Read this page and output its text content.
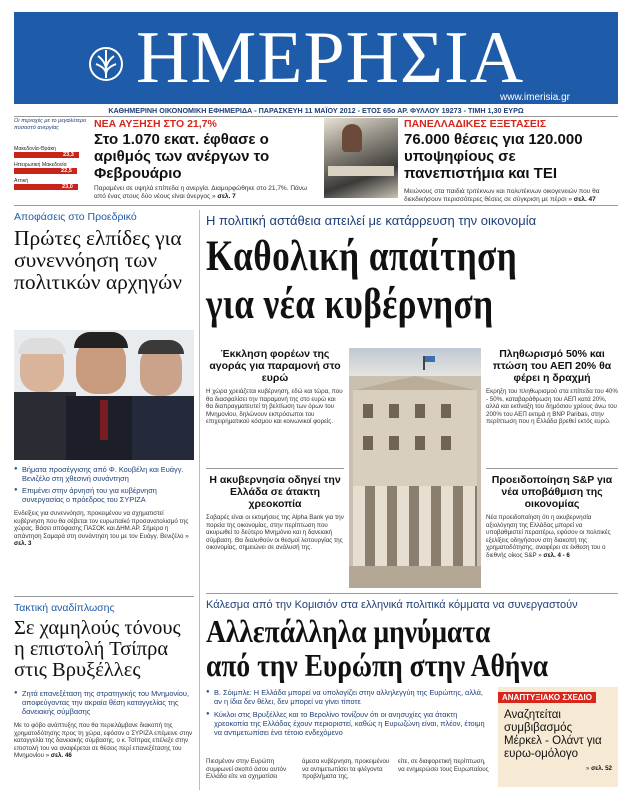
ΗΜΕΡΗΣΙΑ
www.imerisia.gr
ΚΑΘΗΜΕΡΙΝΗ ΟΙΚΟΝΟΜΙΚΗ ΕΦΗΜΕΡΙΔΑ - ΠΑΡΑΣΚΕΥΗ 11 ΜΑΪΟΥ 2012 - ΕΤΟΣ 65ο ΑΡ. ΦΥΛΛΟΥ 19273 - ΤΙΜΗ 1,30 ΕΥΡΩ
Οι περιοχές με το μεγαλύτερο ποσοστό ανεργίας
Μακεδονία-Θράκη
23,3
Ηπειρωτική Μακεδονία
22,5
Αττική
23,0
ΝΕΑ ΑΥΞΗΣΗ ΣΤΟ 21,7%
Στο 1.070 εκατ. έφθασε ο αριθμός των ανέργων το Φεβρουάριο
Παραμένει σε υψηλά επίπεδα η ανεργία. Διαμορφώθηκε στο 21,7%. Πάνω από ένας στους δύο νέους είναι άνεργος » σελ. 7
ΠΑΝΕΛΛΑΔΙΚΕΣ ΕΞΕΤΑΣΕΙΣ
76.000 θέσεις για 120.000 υποψηφίους σε πανεπιστήμια και ΤΕΙ
Μειώνους στα παιδιά τριτέκνων και πολυτέκνων οικογενειών που θα διεκδικήσουν περισσότερες θέσεις σε σύγκριση με πέρσι » σελ. 47
Αποφάσεις στο Προεδρικό
Πρώτες ελπίδες για συνεννόηση των πολιτικών αρχηγών
● Βήματα προσέγγισης από Φ. Κουβέλη και Ευάγγ. Βενιζέλο στη χθεσινή συνάντηση
● Επιμένει στην άρνησή του για κυβέρνηση συνεργασίας ο πρόεδρος του ΣΥΡΙΖΑ
Ενδείξεις για συνεννόηση, προκειμένου να σχηματιστεί κυβέρνηση που θα σέβεται τον ευρωπαϊκό προσανατολισμό της χώρας. Βάσει απόφασης ΠΑΣΟΚ και ΔΗΜ.ΑΡ. Σήμερα η απάντηση Σαμαρά στη συνάντηση του με τον Ευάγγ. Βενιζέλο » σελ. 3
Τακτική αναδίπλωσης
Σε χαμηλούς τόνους η επιστολή Τσίπρα στις Βρυξέλλες
● Ζητά επανεξέταση της στρατηγικής του Μνημονίου, αποφεύγοντας την ακραία θέση καταγγελίας της δανειακής σύμβασης
Με το φόβο ανάπτυξης που θα περιελάμβανε διακοπή της χρηματοδότησης προς τη χώρα, εφόσον ο ΣΥΡΙΖΑ επέμεινε στην καταγγελία της δανειακής σύμβασης, ο κ. Τσίπρας επέλεξε στην επιστολή του να αναφέρεται σε θέσεις περί επανεξέτασης του Μνημονίου » σελ. 46
Η πολιτική αστάθεια απειλεί με κατάρρευση την οικονομία
Καθολική απαίτηση
για νέα κυβέρνηση
Έκκληση φορέων της αγοράς για παραμονή στο ευρώ
Η χώρα χρειάζεται κυβέρνηση, εδώ και τώρα, που θα διασφαλίσει την παραμονή της στο ευρώ και θα διαπραγματευτεί τη βελτίωση των όρων του Μνημονίου, δηλώνουν εκπρόσωποι του επιχειρηματικού κόσμου και κοινωνικοί φορείς.
Η ακυβερνησία οδηγεί την Ελλάδα σε άτακτη χρεοκοπία
Σοβαρές είναι οι εκτιμήσεις της Alpha Bank για την πορεία της οικονομίας, στην περίπτωση που ακυρωθεί το δεύτερο Μνημόνιο και η δανειακή σύμβαση. Θα διαλυθούν οι θεσμοί λειτουργίας της οικονομίας, σημειώνει σε ανάλυσή της.
Πληθωρισμό 50% και πτώση του ΑΕΠ 20% θα φέρει η δραχμή
Εκρηξη του πληθωρισμού στα επίπεδα του 40% - 50%, καταβαράθρωση του ΑΕΠ κατά 20%, αλλά και εκτίναξη του δημόσιου χρέους άνω του 200% του ΑΕΠ εκτιμά η BNP Paribas, στην περίπτωση που η Ελλάδα βρεθεί εκτός ευρώ.
Προειδοποίηση S&P για νέα υποβάθμιση της οικονομίας
Νέα προειδοποίηση ότι η ακυβερνησία αξιολόγηση της Ελλάδας μπορεί να υποβαθμιστεί περαιτέρω, εφόσον οι πολιτικές εξελίξεις οδηγήσουν στη διακοπή της χρηματοδότησης, αναφέρει σε έκθεση του ο διεθνής οίκος S&P » σελ. 4 - 6
Κάλεσμα από την Κομισιόν στα ελληνικά πολιτικά κόμματα να συνεργαστούν
Αλλεπάλληλα μηνύματα
από την Ευρώπη στην Αθήνα
● Β. Σόιμπλε: Η Ελλάδα μπορεί να υπολογίζει στην αλληλεγγύη της Ευρώπης, αλλά, αν η ίδια δεν θέλει, δεν μπορεί να γίνει τίποτε
● Κύκλοι στις Βρυξέλλες και το Βερολίνο τονίζουν ότι οι ανησυχίες για άτακτη χρεοκοπία της Ελλάδας έχουν περιοριστεί, καθώς η Ευρωζώνη είναι, πλέον, έτοιμη να αντιμετωπίσει ένα τέτοιο ενδεχόμενο
Πιεσμένον στην Ευρώπη συμφωνεί σκοπό άσου αυτόν Ελλάδα είτε να σχηματίσει
άμεσα κυβέρνηση, προκειμένου να αντιμετωπίσει τα φλέγοντα προβλήματα της,
είτε, σε διαφορετική περίπτωση, να ενημερώσει τους Ευρωπαίους
ΑΝΑΠΤΥΞΙΑΚΟ ΣΧΕΔΙΟ
Αναζητείται συμβιβασμός Μέρκελ - Ολάντ για ευρω-ομόλογο
» σελ. 52
